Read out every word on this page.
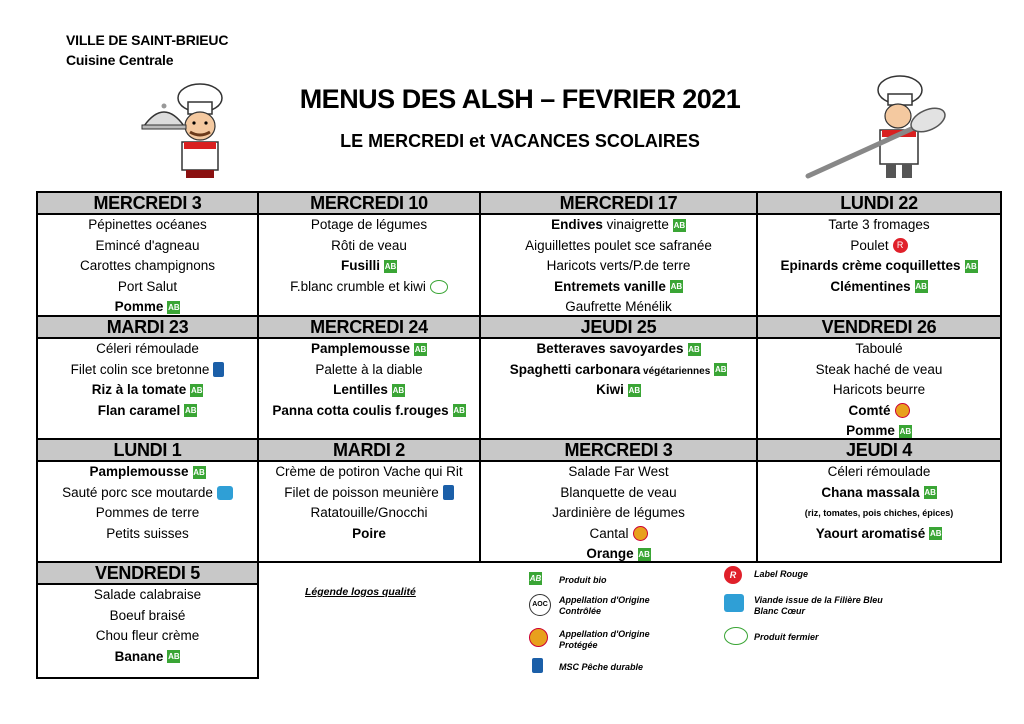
VILLE DE SAINT-BRIEUC
Cuisine Centrale
MENUS DES ALSH – FEVRIER 2021
LE MERCREDI et VACANCES SCOLAIRES
MERCREDI 3
Pépinettes océanes
Emincé d'agneau
Carottes champignons
Port Salut
Pomme AB
MERCREDI 10
Potage de légumes
Rôti de veau
Fusilli AB
F.blanc crumble et kiwi
MERCREDI 17
Endives vinaigrette AB
Aiguillettes poulet sce safranée
Haricots verts/P.de terre
Entremets vanille AB
Gaufrette Ménélik
LUNDI 22
Tarte 3 fromages
Poulet R
Epinards crème coquillettes AB
Clémentines AB
MARDI 23
Céleri rémoulade
Filet colin sce bretonne
Riz à la tomate AB
Flan caramel AB
MERCREDI 24
Pamplemousse AB
Palette à la diable
Lentilles AB
Panna cotta coulis f.rouges AB
JEUDI 25
Betteraves savoyardes AB
Spaghetti carbonara végétariennes AB
Kiwi AB
VENDREDI 26
Taboulé
Steak haché de veau
Haricots beurre
Comté
Pomme AB
LUNDI 1
Pamplemousse AB
Sauté porc sce moutarde
Pommes de terre
Petits suisses
MARDI 2
Crème de potiron Vache qui Rit
Filet de poisson meunière
Ratatouille/Gnocchi
Poire
MERCREDI 3
Salade Far West
Blanquette de veau
Jardinière de légumes
Cantal
Orange AB
JEUDI 4
Céleri rémoulade
Chana massala AB
(riz, tomates, pois chiches, épices)
Yaourt aromatisé AB
VENDREDI 5
Salade calabraise
Boeuf braisé
Chou fleur crème
Banane AB
Légende logos qualité
AB Produit bio
AOC	Appellation d'Origine
Contrôlée
Appellation d'Origine
Protégée
MSC Pêche durable
R	Label Rouge
Viande issue de la Filière Bleu
Blanc Cœur
Produit fermier
